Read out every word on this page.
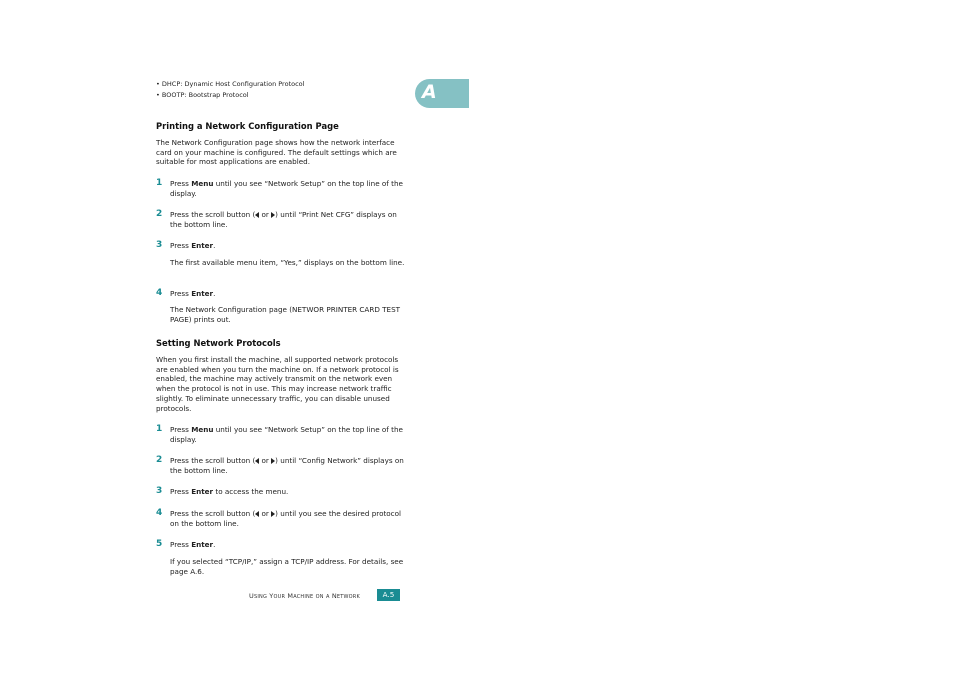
• DHCP: Dynamic Host Configuration Protocol
• BOOTP: Bootstrap Protocol	A
Printing a Network Configuration Page
The Network Configuration page shows how the network interface card on your machine is configured. The default settings which are suitable for most applications are enabled.
1 Press Menu until you see “Network Setup” on the top line of the display.
2 Press the scroll button ( or ) until “Print Net CFG” displays on the bottom line.
3 Press Enter.
The first available menu item, “Yes,” displays on the bottom line.
4 Press Enter.
The Network Configuration page (NETWOR PRINTER CARD TEST PAGE) prints out.
Setting Network Protocols
When you first install the machine, all supported network protocols are enabled when you turn the machine on. If a network protocol is enabled, the machine may actively transmit on the network even when the protocol is not in use. This may increase network traffic slightly. To eliminate unnecessary traffic, you can disable unused protocols.
1 Press Menu until you see “Network Setup” on the top line of the display.
2 Press the scroll button ( or ) until “Config Network” displays on the bottom line.
3 Press Enter to access the menu.
4 Press the scroll button ( or ) until you see the desired protocol on the bottom line.
5 Press Enter.
If you selected “TCP/IP,” assign a TCP/IP address. For details, see page A.6.
Using Your Machine on a Network	A.5
